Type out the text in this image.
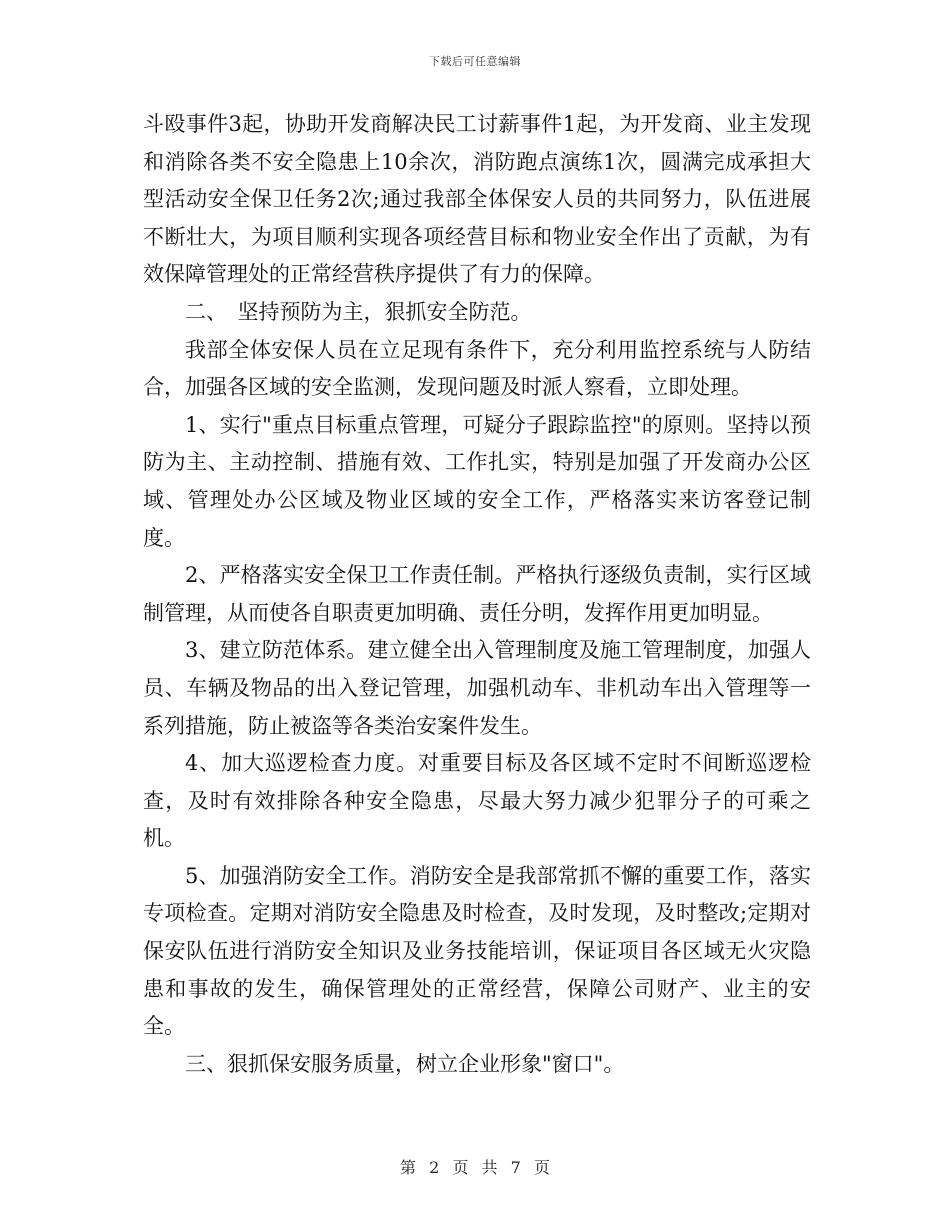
下载后可任意编辑

斗殴事件3起，协助开发商解决民工讨薪事件1起，为开发商、业主发现和消除各类不安全隐患上10余次，消防跑点演练1次，圆满完成承担大型活动安全保卫任务2次;通过我部全体保安人员的共同努力，队伍进展不断壮大，为项目顺利实现各项经营目标和物业安全作出了贡献，为有效保障管理处的正常经营秩序提供了有力的保障。

二、　坚持预防为主，狠抓安全防范。

我部全体安保人员在立足现有条件下，充分利用监控系统与人防结合，加强各区域的安全监测，发现问题及时派人察看，立即处理。

1、实行"重点目标重点管理，可疑分子跟踪监控"的原则。坚持以预防为主、主动控制、措施有效、工作扎实，特别是加强了开发商办公区域、管理处办公区域及物业区域的安全工作，严格落实来访客登记制度。

2、严格落实安全保卫工作责任制。严格执行逐级负责制，实行区域制管理，从而使各自职责更加明确、责任分明，发挥作用更加明显。

3、建立防范体系。建立健全出入管理制度及施工管理制度，加强人员、车辆及物品的出入登记管理，加强机动车、非机动车出入管理等一系列措施，防止被盗等各类治安案件发生。

4、加大巡逻检查力度。对重要目标及各区域不定时不间断巡逻检查，及时有效排除各种安全隐患，尽最大努力减少犯罪分子的可乘之机。

5、加强消防安全工作。消防安全是我部常抓不懈的重要工作，落实专项检查。定期对消防安全隐患及时检查，及时发现，及时整改;定期对保安队伍进行消防安全知识及业务技能培训，保证项目各区域无火灾隐患和事故的发生，确保管理处的正常经营，保障公司财产、业主的安全。

三、狠抓保安服务质量，树立企业形象"窗口"。

第 2 页 共 7 页
